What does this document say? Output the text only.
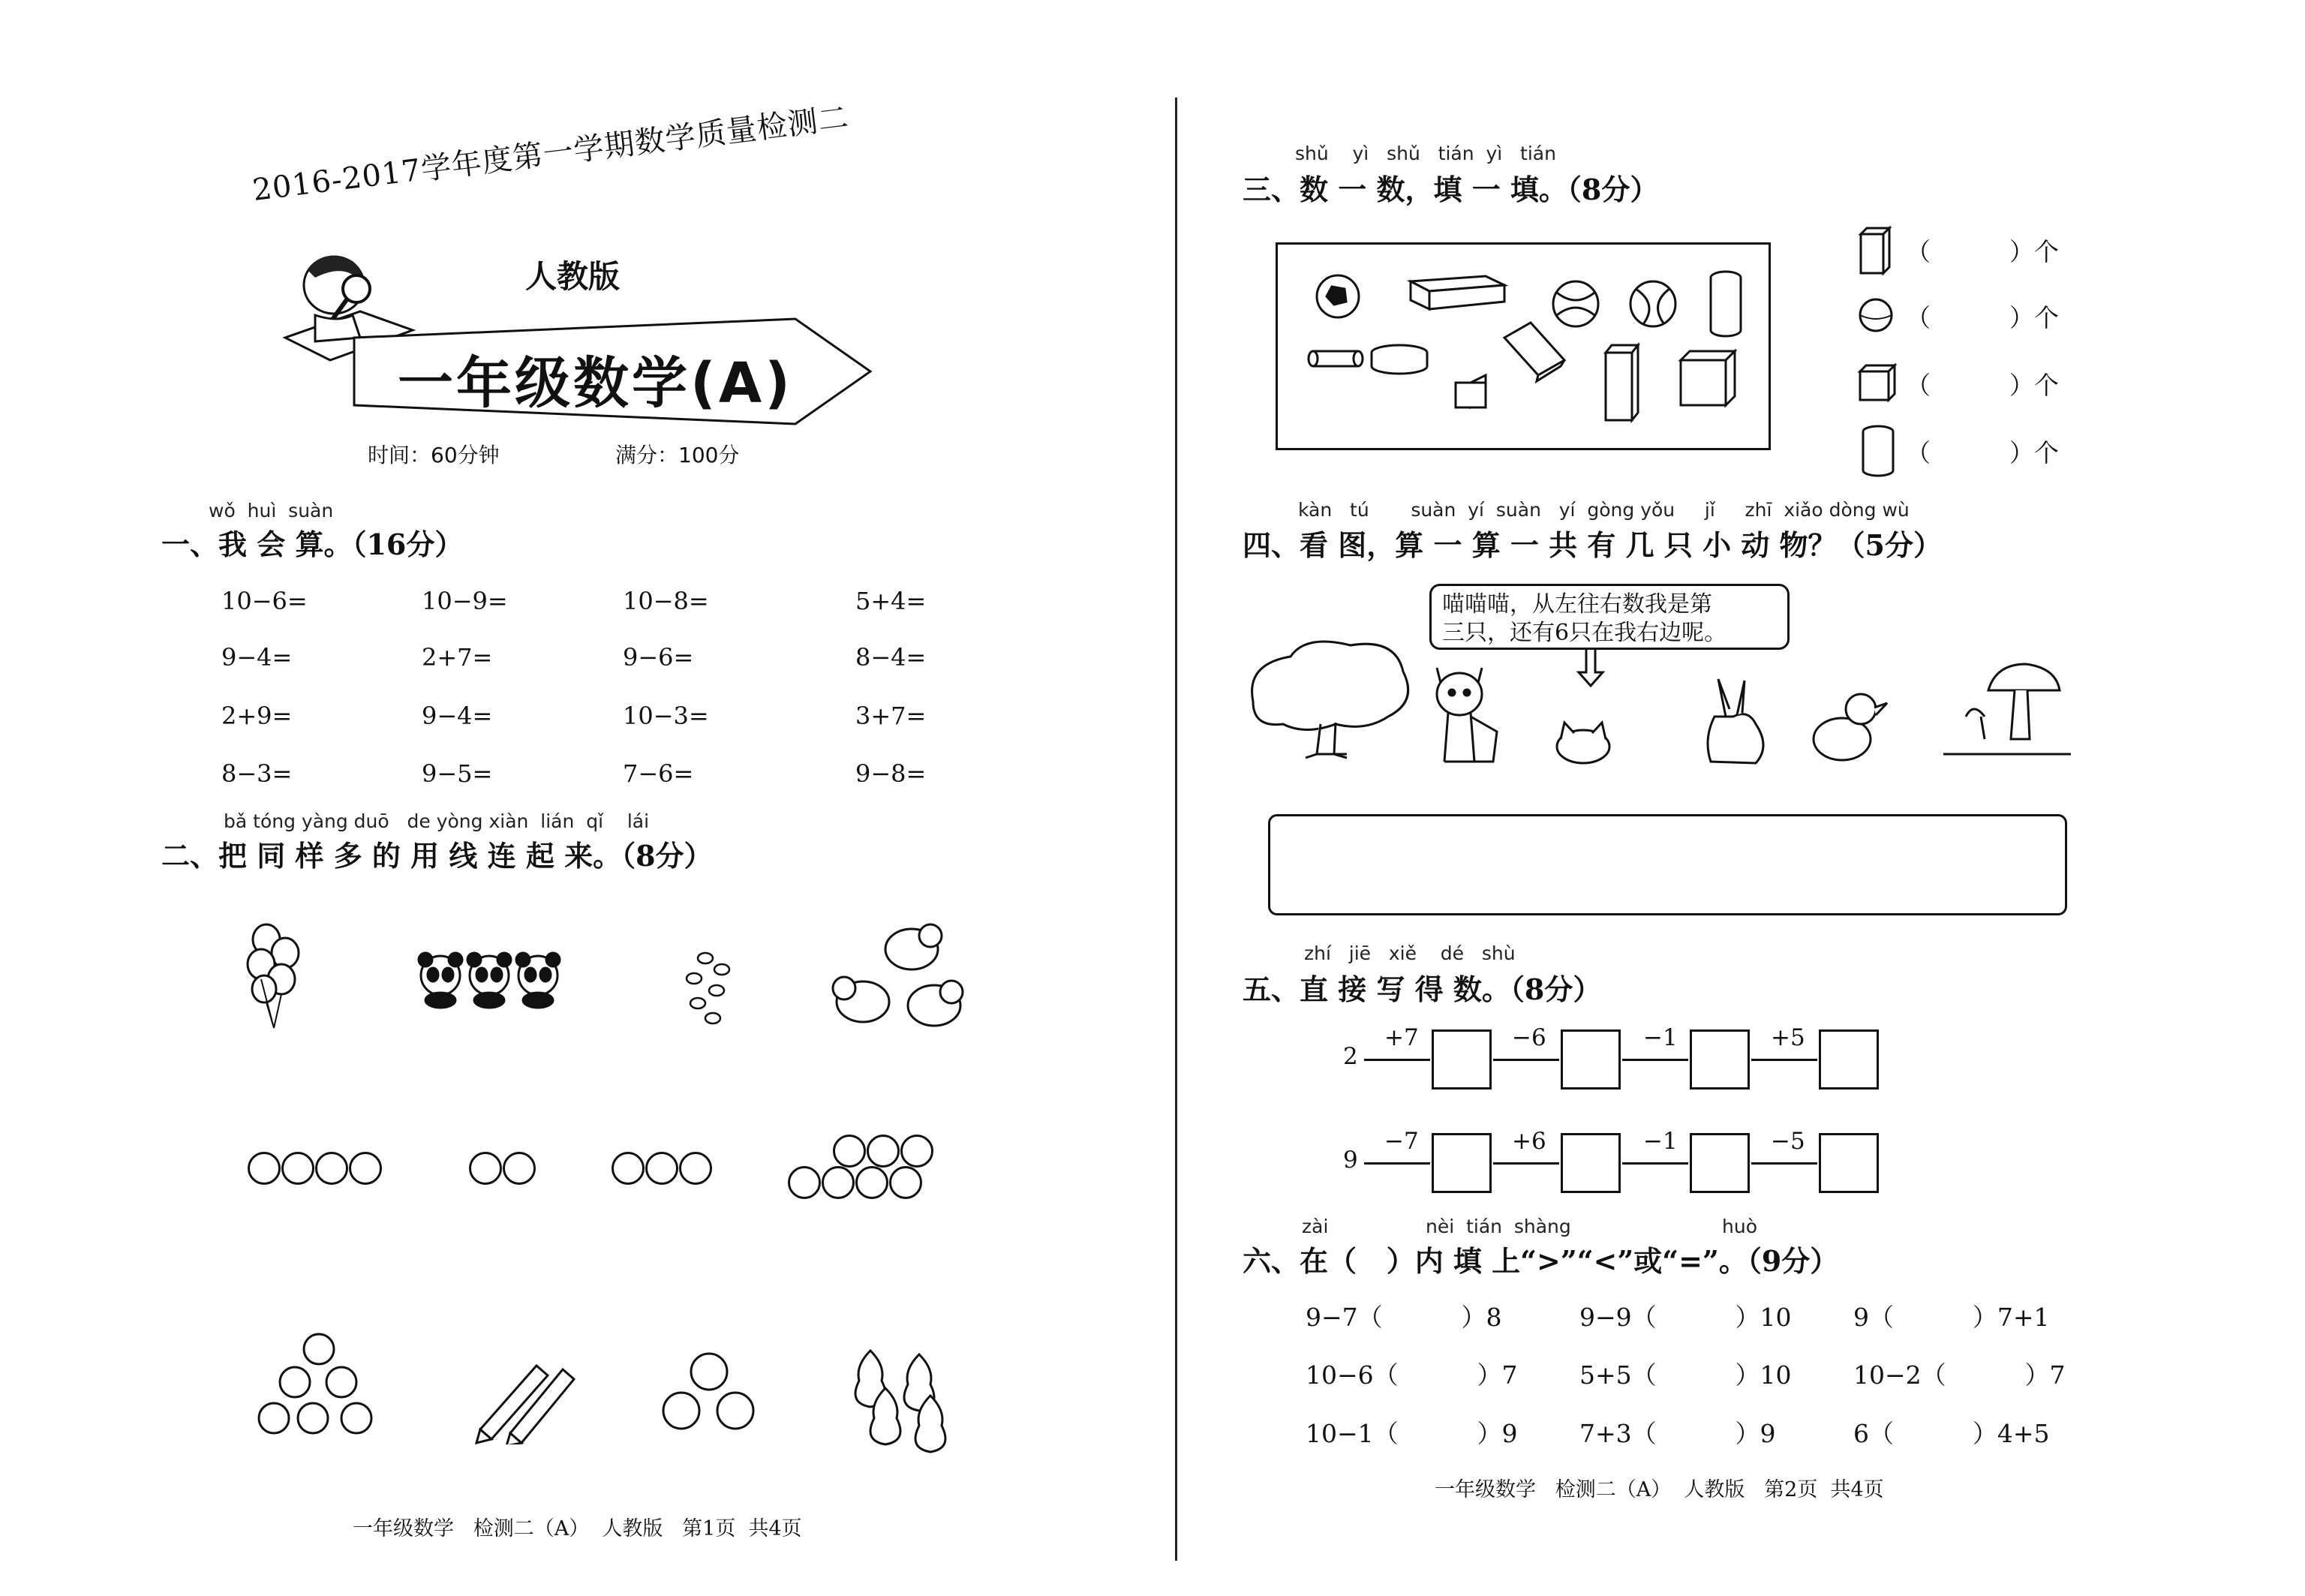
2016-2017学年度第一学期数学质量检测二
人教版
一年级数学(A)
时间：60分钟	满分：100分
wǒ  huì  suàn
一、我 会 算。（16分）
10−6=	10−9=	10−8=	5+4=
9−4=	2+7=	9−6=	8−4=
2+9=	9−4=	10−3=	3+7=
8−3=	9−5=	7−6=	9−8=
bǎ tóng yàng duō   de yòng xiàn  lián  qǐ    lái
二、把 同 样 多 的 用 线 连 起 来。（8分）
一年级数学   检测二（A）  人教版   第1页  共4页
shǔ    yì   shǔ   tián  yì   tián
三、数 一 数，填 一 填。（8分）
（          ）个
（          ）个
（          ）个
（          ）个
kàn   tú       suàn  yí  suàn   yí  gòng yǒu     jǐ     zhī  xiǎo dòng wù
四、看 图，算 一 算 一 共 有 几 只 小 动 物？（5分）
喵喵喵，从左往右数我是第
三只，还有6只在我右边呢。
zhí   jiē   xiě    dé   shù
五、直 接 写 得 数。（8分）
2
+7	−6	−1	+5
9
−7	+6	−1	−5
zài	nèi  tián  shàng	huò
六、在（   ）内 填 上“>”“<”或“=”。（9分）
9−7（          ）8	9−9（          ）10 9（          ）7+1
10−6（          ）7 5+5（          ）10 10−2（          ）7
10−1（          ）9 7+3（          ）9	6（          ）4+5
一年级数学   检测二（A）  人教版   第2页  共4页
